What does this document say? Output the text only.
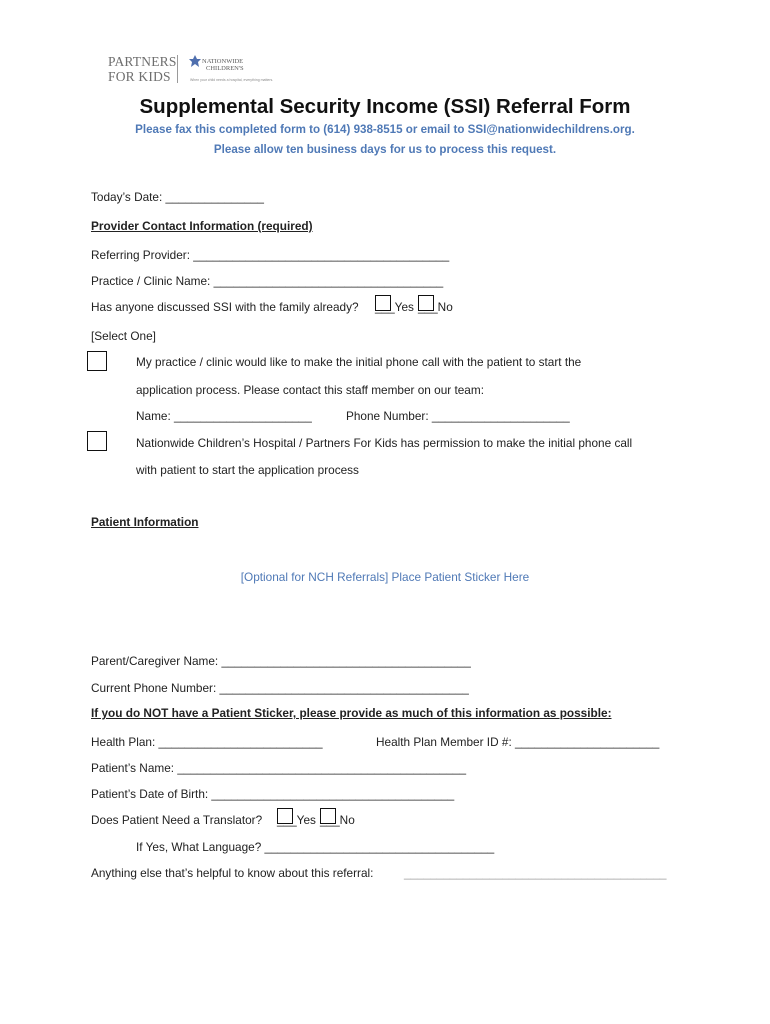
PARTNERS
FOR KIDS
NATIONWIDE
CHILDREN'S
When your child needs a hospital, everything matters.
Supplemental Security Income (SSI) Referral Form
Please fax this completed form to (614) 938-8515 or email to SSI@nationwidechildrens.org.
Please allow ten business days for us to process this request.
Today’s Date: _______________
Provider Contact Information (required)
Referring Provider: _______________________________________
Practice / Clinic Name: ___________________________________
Has anyone discussed SSI with the family already? ___Yes ___No
[Select One]
My practice / clinic would like to make the initial phone call with the patient to start the
application process. Please contact this staff member on our team:
Name: _____________________	Phone Number: _____________________
Nationwide Children’s Hospital / Partners For Kids has permission to make the initial phone call
with patient to start the application process
Patient Information
[Optional for NCH Referrals] Place Patient Sticker Here
Parent/Caregiver Name: ______________________________________
Current Phone Number: ______________________________________
If you do NOT have a Patient Sticker, please provide as much of this information as possible:
Health Plan: _________________________	Health Plan Member ID #: ______________________
Patient’s Name: ____________________________________________
Patient’s Date of Birth: _____________________________________
Does Patient Need a Translator? ___Yes ___No
If Yes, What Language? ___________________________________
Anything else that’s helpful to know about this referral:	________________________________________
